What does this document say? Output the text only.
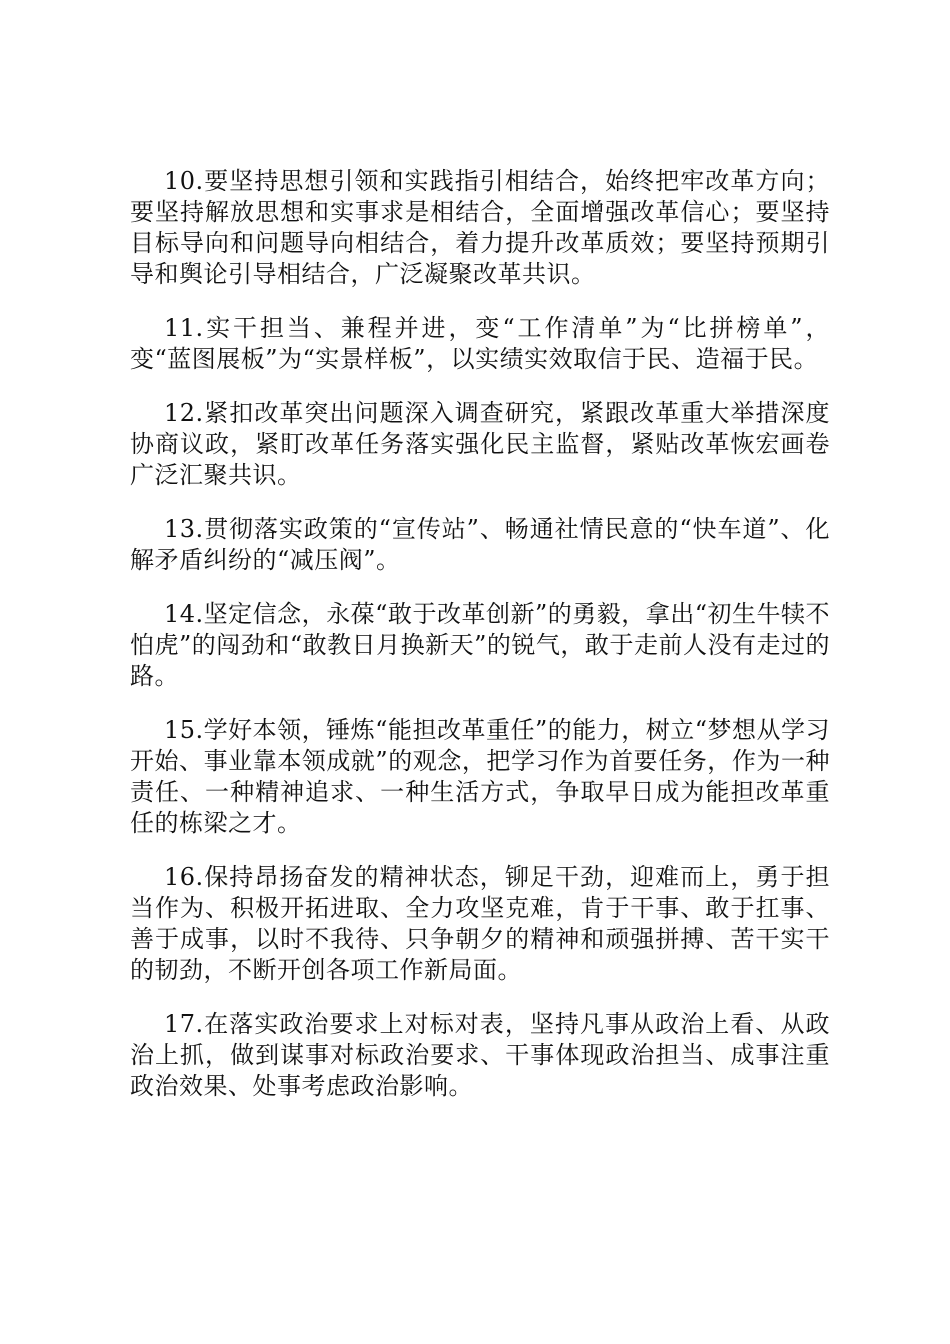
10.要坚持思想引领和实践指引相结合，始终把牢改革方向；要坚持解放思想和实事求是相结合，全面增强改革信心；要坚持目标导向和问题导向相结合，着力提升改革质效；要坚持预期引导和舆论引导相结合，广泛凝聚改革共识。

11.实干担当、兼程并进，变“工作清单”为“比拼榜单”，变“蓝图展板”为“实景样板”，以实绩实效取信于民、造福于民。

12.紧扣改革突出问题深入调查研究，紧跟改革重大举措深度协商议政，紧盯改革任务落实强化民主监督，紧贴改革恢宏画卷广泛汇聚共识。

13.贯彻落实政策的“宣传站”、畅通社情民意的“快车道”、化解矛盾纠纷的“减压阀”。

14.坚定信念，永葆“敢于改革创新”的勇毅，拿出“初生牛犊不怕虎”的闯劲和“敢教日月换新天”的锐气，敢于走前人没有走过的路。

15.学好本领，锤炼“能担改革重任”的能力，树立“梦想从学习开始、事业靠本领成就”的观念，把学习作为首要任务，作为一种责任、一种精神追求、一种生活方式，争取早日成为能担改革重任的栋梁之才。

16.保持昂扬奋发的精神状态，铆足干劲，迎难而上，勇于担当作为、积极开拓进取、全力攻坚克难，肯于干事、敢于扛事、善于成事，以时不我待、只争朝夕的精神和顽强拼搏、苦干实干的韧劲，不断开创各项工作新局面。

17.在落实政治要求上对标对表，坚持凡事从政治上看、从政治上抓，做到谋事对标政治要求、干事体现政治担当、成事注重政治效果、处事考虑政治影响。
